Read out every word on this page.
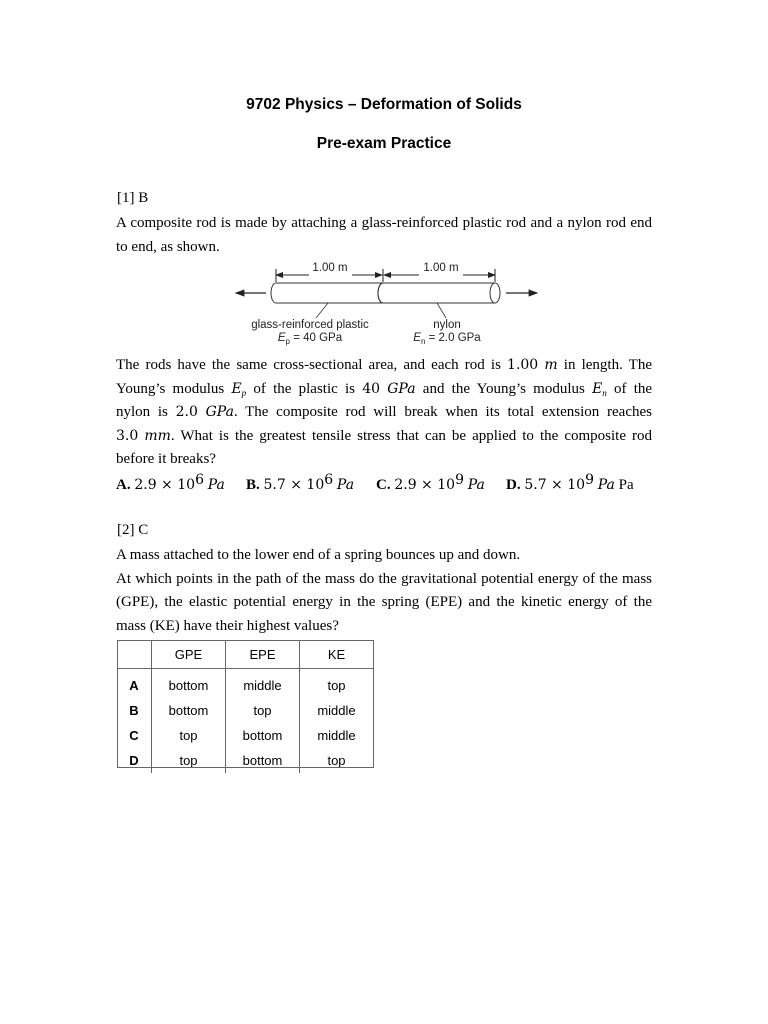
9702 Physics – Deformation of Solids
Pre-exam Practice
[1] B
A composite rod is made by attaching a glass-reinforced plastic rod and a nylon rod end
to end, as shown.
1.00 m	1.00 m
glass-reinforced plastic
$E_p = 40$ GPa
nylon
$E_n = 2.0$ GPa
The rods have the same cross-sectional area, and each rod is 1.00 m in length. The
Young’s modulus $E_p$ of the plastic is 40 GPa and the Young’s modulus $E_n$ of the
nylon is 2.0 GPa. The composite rod will break when its total extension reaches
3.0 mm. What is the greatest tensile stress that can be applied to the composite rod
before it breaks?
A. $2.9 \times 10^6$ Pa	B. $5.7 \times 10^6$ Pa	C. $2.9 \times 10^9$ Pa	D. $5.7 \times 10^9$ Pa Pa
[2] C
A mass attached to the lower end of a spring bounces up and down.
At which points in the path of the mass do the gravitational potential energy of the mass
(GPE), the elastic potential energy in the spring (EPE) and the kinetic energy of the
mass (KE) have their highest values?
	GPE	EPE	KE
A	bottom	middle	top
B	bottom	top	middle
C	top	bottom	middle
D	top	bottom	top
